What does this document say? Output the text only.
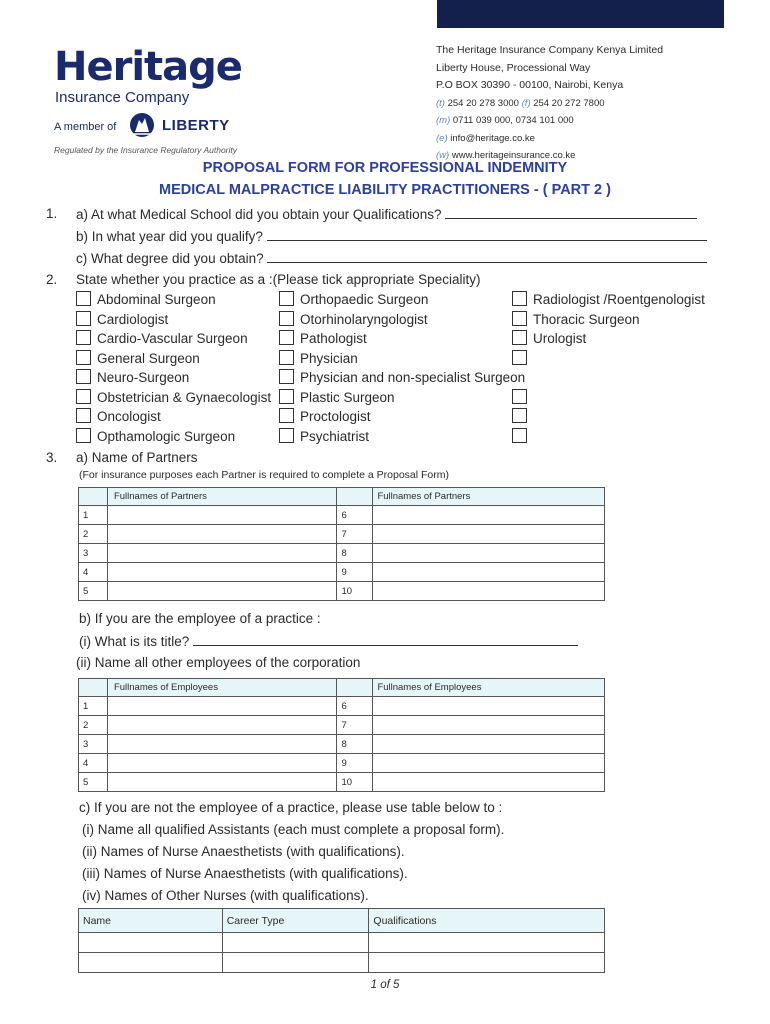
Heritage
Insurance Company
A member of	LIBERTY
Regulated by the Insurance Regulatory Authority
The Heritage Insurance Company Kenya Limited
Liberty House, Processional Way
P.O BOX 30390 - 00100, Nairobi, Kenya
(t) 254 20 278 3000 (f) 254 20 272 7800
(m) 0711 039 000, 0734 101 000
(e) info@heritage.co.ke
(w) www.heritageinsurance.co.ke
PROPOSAL FORM FOR PROFESSIONAL INDEMNITY
MEDICAL MALPRACTICE LIABILITY PRACTITIONERS - ( PART 2 )
1. a) At what Medical School did you obtain your Qualifications?
b) In what year did you qualify?
c) What degree did you obtain?
2. State whether you practice as a :(Please tick appropriate Speciality)
Abdominal Surgeon
Cardiologist
Cardio-Vascular Surgeon
General Surgeon
Neuro-Surgeon
Obstetrician & Gynaecologist
Oncologist
Opthamologic Surgeon
Orthopaedic Surgeon
Otorhinolaryngologist
Pathologist
Physician
Physician and non-specialist Surgeon
Plastic Surgeon
Proctologist
Psychiatrist
Radiologist /Roentgenologist
Thoracic Surgeon
Urologist
3. a) Name of Partners
(For insurance purposes each Partner is required to complete a Proposal Form)
	Fullnames of Partners		Fullnames of Partners
1		6	
2		7	
3		8	
4		9	
5		10	
b) If you are the employee of a practice :
(i) What is its title?
(ii) Name all other employees of the corporation
	Fullnames of Employees		Fullnames of Employees
1		6	
2		7	
3		8	
4		9	
5		10	
c) If you are not the employee of a practice, please use table below to :
(i) Name all qualified Assistants (each must complete a proposal form).
(ii) Names of Nurse Anaesthetists (with qualifications).
(iii) Names of Nurse Anaesthetists (with qualifications).
(iv) Names of Other Nurses (with qualifications).
Name	Career Type	Qualifications

1 of 5
